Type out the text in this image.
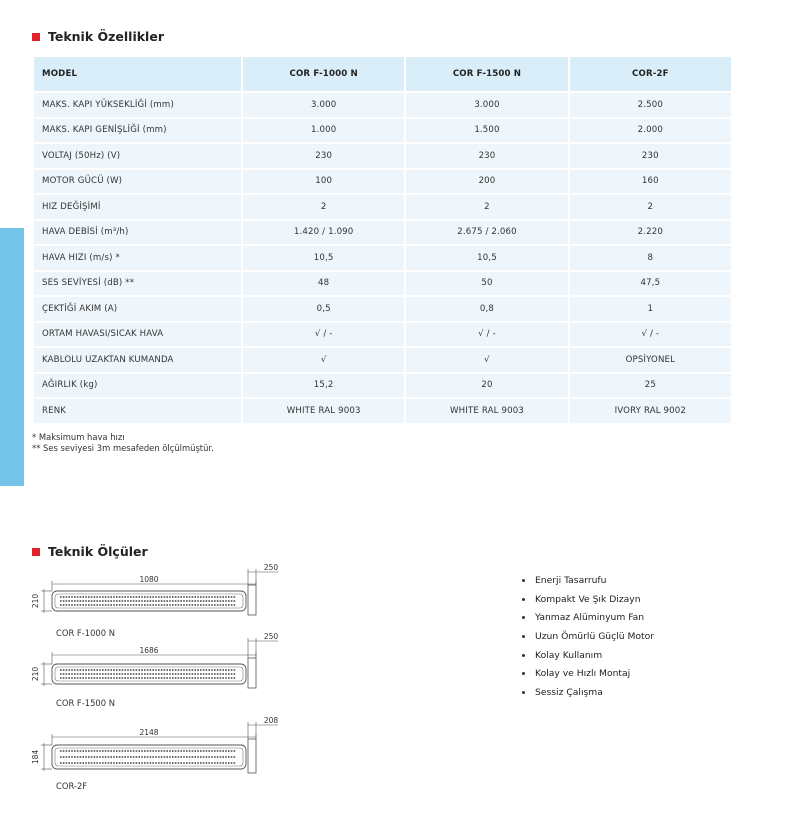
Teknik Özellikler
MODEL	COR F-1000 N	COR F-1500 N	COR-2F
MAKS. KAPI YÜKSEKLİĞİ (mm)	3.000	3.000	2.500
MAKS. KAPI GENİŞLİĞİ (mm)	1.000	1.500	2.000
VOLTAJ (50Hz) (V)	230	230	230
MOTOR GÜCÜ (W)	100	200	160
HIZ DEĞİŞİMİ	2	2	2
HAVA DEBİSİ (m³/h)	1.420 / 1.090	2.675 / 2.060	2.220
HAVA HIZI (m/s) *	10,5	10,5	8
SES SEVİYESİ (dB) **	48	50	47,5
ÇEKTİĞİ AKIM (A)	0,5	0,8	1
ORTAM HAVASI/SICAK HAVA	√ / -	√ / -	√ / -
KABLOLU UZAKTAN KUMANDA	√	√	OPSİYONEL
AĞIRLIK (kg)	15,2	20	25
RENK	WHITE RAL 9003	WHITE RAL 9003	IVORY RAL 9002
* Maksimum hava hızı
** Ses seviyesi 3m mesafeden ölçülmüştür.
Teknik Ölçüler
1080
250
210
1686
250
210
2148
208
184
COR F-1000 N
COR F-1500 N
COR-2F
Enerji Tasarrufu
Kompakt Ve Şık Dizayn
Yanmaz Alüminyum Fan
Uzun Ömürlü Güçlü Motor
Kolay Kullanım
Kolay ve Hızlı Montaj
Sessiz Çalışma
